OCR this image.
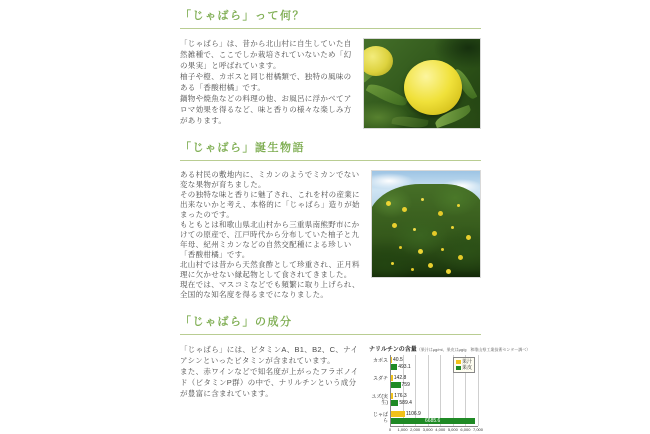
「じゃばら」って何？

「じゃばら」は、昔から北山村に自生していた自然雑種で、ここでしか栽培されていないため「幻の果実」と呼ばれています。

柚子や橙、カボスと同じ柑橘類で、独特の風味のある「香酸柑橘」です。

鍋物や焼魚などの料理の他、お風呂に浮かべてアロマ効果を得るなど、味と香りの様々な楽しみ方があります。

「じゃばら」誕生物語

ある村民の敷地内に、ミカンのようでミカンでない変な果物が育ちました。

その独特な味と香りに魅了され、これを村の産業に出来ないかと考え、本格的に「じゃばら」造りが始まったのです。

もともとは和歌山県北山村から三重県南熊野市にかけての原産で、江戸時代から分布していた柚子と九年母、紀州ミカンなどの自然交配種による珍しい「香酸柑橘」です。

北山村では昔から天然食酢として珍重され、正月料理に欠かせない縁起物として食されてきました。

現在では、マスコミなどでも頻繁に取り上げられ、全国的な知名度を得るまでになりました。

「じゃばら」の成分

「じゃばら」には、ビタミンA、B1、B2、C、ナイアシンといったビタミンが含まれています。

また、赤ワインなどで知名度が上がったフラボノイド（ビタミンP群）の中で、ナリルチンという成分が豊富に含まれています。

ナリルチンの含量（果汁はμg/ml、果皮はμg/g　和歌山県工業技術センター調べ）
カボス
スダチ
ユズ(実生)
じゃばら
果汁
果皮
40.5
493.1
142.8
759
176.3
589.4
1106.9
6685.6
0 1,000 2,000 3,000 4,000 5,000 6,000 7,000
